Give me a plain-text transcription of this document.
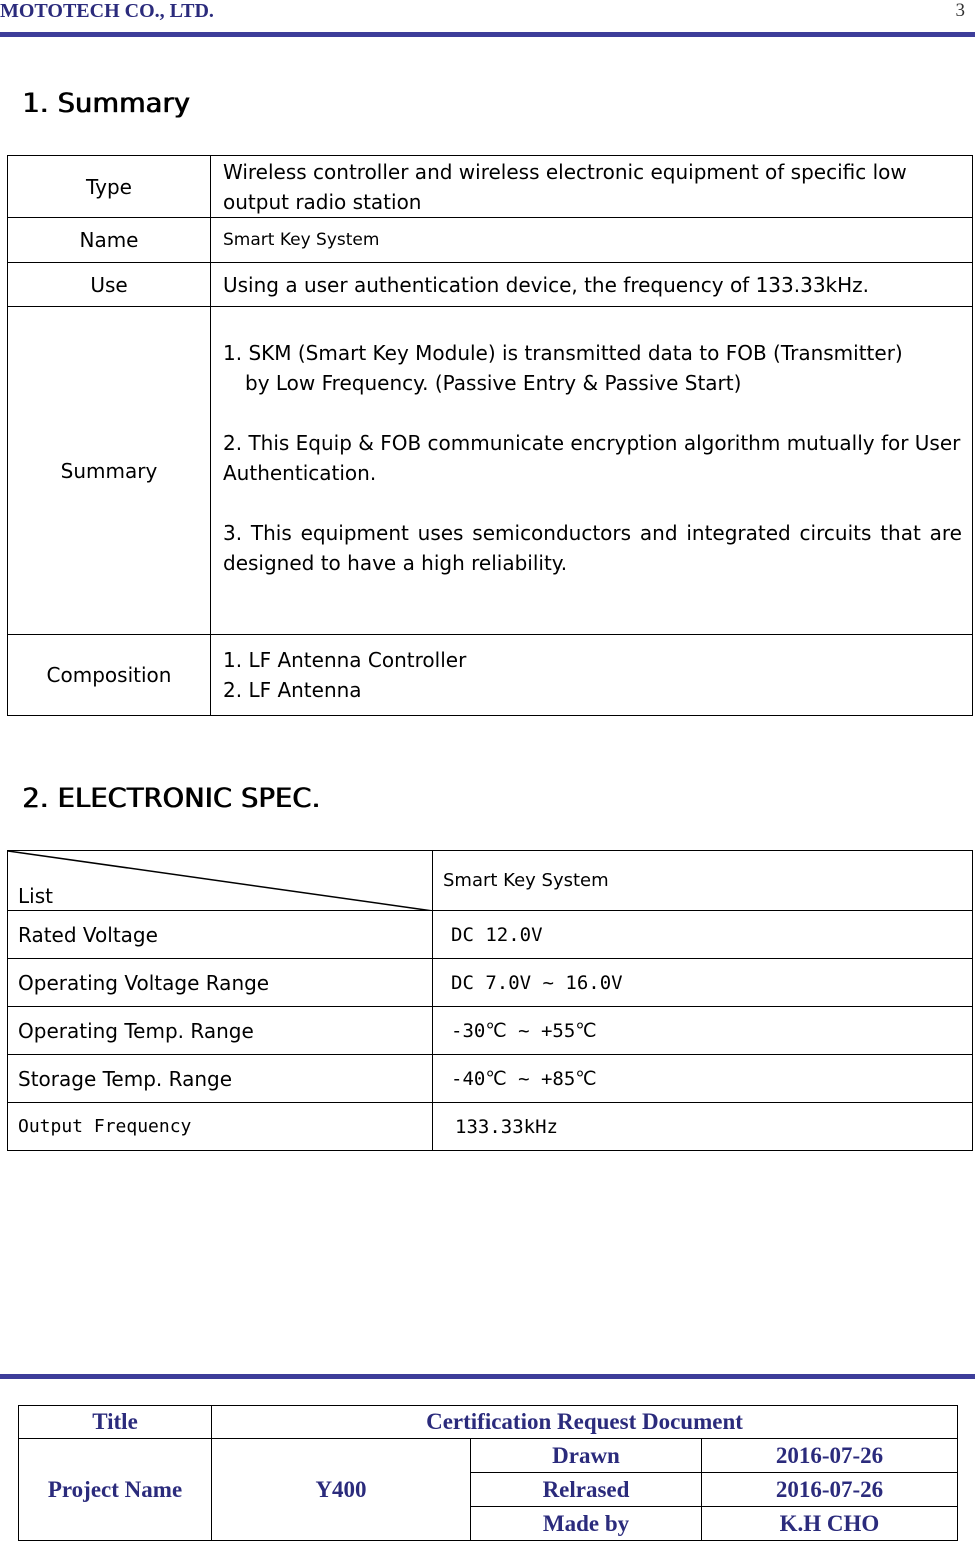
MOTOTECH CO., LTD.	3
1. Summary
Type	Wireless controller and wireless electronic equipment of specific low output radio station
Name	Smart Key System
Use	Using a user authentication device, the frequency of 133.33kHz.
Summary	1. SKM (Smart Key Module) is transmitted data to FOB (Transmitter)
by Low Frequency. (Passive Entry & Passive Start)
2. This Equip & FOB communicate encryption algorithm mutually for User Authentication.
3. This equipment uses semiconductors and integrated circuits that are designed to have a high reliability.

Composition	1. LF Antenna Controller
2. LF Antenna
2. ELECTRONIC SPEC.
List	Smart Key System
Rated Voltage	DC 12.0V
Operating Voltage Range	DC 7.0V ~ 16.0V
Operating Temp. Range	-30℃ ~ +55℃
Storage Temp. Range	-40℃ ~ +85℃
Output Frequency	133.33kHz
Title	Certification Request Document		
Project Name	Y400	Drawn	2016-07-26
		Relrased	2016-07-26
		Made by	K.H CHO
